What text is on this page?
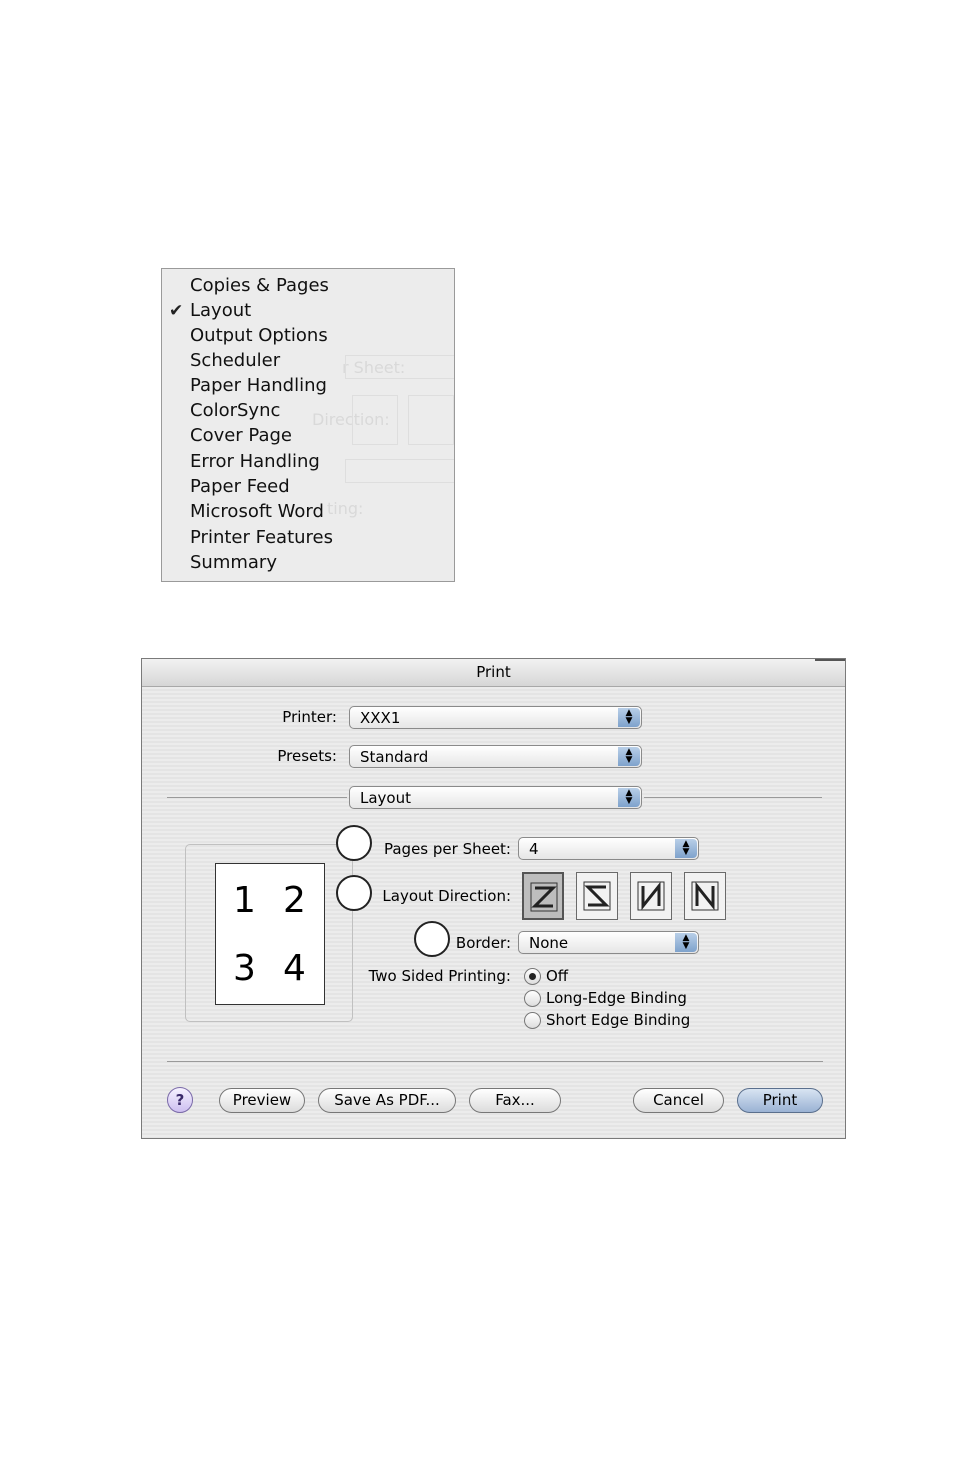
r Sheet:
Direction:
ting:
✔
Copies & Pages
Layout
Output Options
Scheduler
Paper Handling
ColorSync
Cover Page
Error Handling
Paper Feed
Microsoft Word
Printer Features
Summary
Print
Printer: XXX1	▲
▼
Presets: Standard	▲
▼
Layout	▲
▼
1 2
3 4
Pages per Sheet: 4	▲
▼
Layout Direction:
Border: None	▲
▼
Two Sided Printing: Off
Long-Edge Binding
Short Edge Binding
?	Preview	Save As PDF...	Fax...	Cancel	Print
